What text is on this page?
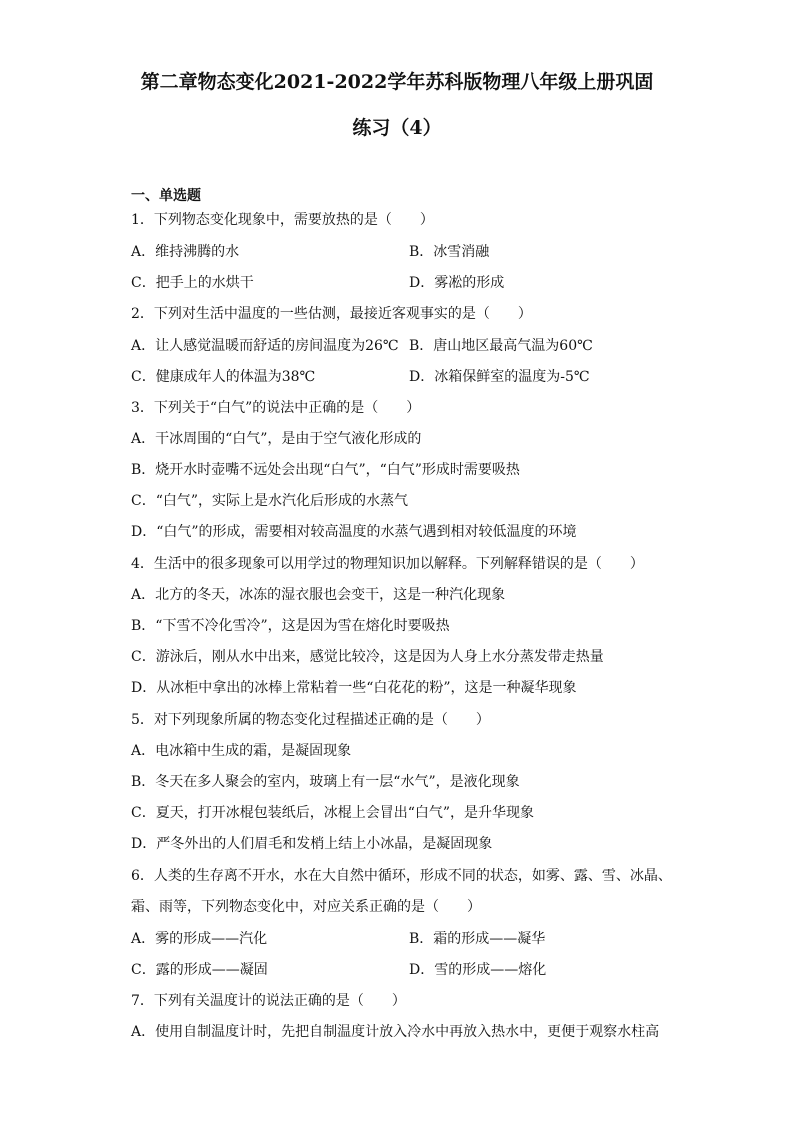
第二章物态变化2021-2022学年苏科版物理八年级上册巩固
练习（4）
一、单选题
1．下列物态变化现象中，需要放热的是（　　）
A．维持沸腾的水	B．冰雪消融
C．把手上的水烘干	D．雾凇的形成
2．下列对生活中温度的一些估测，最接近客观事实的是（　　）
A．让人感觉温暖而舒适的房间温度为26℃ B．唐山地区最高气温为60℃
C．健康成年人的体温为38℃	D．冰箱保鲜室的温度为-5℃
3．下列关于“白气”的说法中正确的是（　　）
A．干冰周围的“白气”，是由于空气液化形成的
B．烧开水时壶嘴不远处会出现“白气”，“白气”形成时需要吸热
C．“白气”，实际上是水汽化后形成的水蒸气
D．“白气”的形成，需要相对较高温度的水蒸气遇到相对较低温度的环境
4．生活中的很多现象可以用学过的物理知识加以解释。下列解释错误的是（　　）
A．北方的冬天，冰冻的湿衣服也会变干，这是一种汽化现象
B．“下雪不冷化雪冷”，这是因为雪在熔化时要吸热
C．游泳后，刚从水中出来，感觉比较冷，这是因为人身上水分蒸发带走热量
D．从冰柜中拿出的冰棒上常粘着一些“白花花的粉”，这是一种凝华现象
5．对下列现象所属的物态变化过程描述正确的是（　　）
A．电冰箱中生成的霜，是凝固现象
B．冬天在多人聚会的室内，玻璃上有一层“水气”，是液化现象
C．夏天，打开冰棍包装纸后，冰棍上会冒出“白气”，是升华现象
D．严冬外出的人们眉毛和发梢上结上小冰晶，是凝固现象
6．人类的生存离不开水，水在大自然中循环，形成不同的状态，如雾、露、雪、冰晶、
霜、雨等，下列物态变化中，对应关系正确的是（　　）
A．雾的形成——汽化	B．霜的形成——凝华
C．露的形成——凝固	D．雪的形成——熔化
7．下列有关温度计的说法正确的是（　　）
A．使用自制温度计时，先把自制温度计放入冷水中再放入热水中，更便于观察水柱高
